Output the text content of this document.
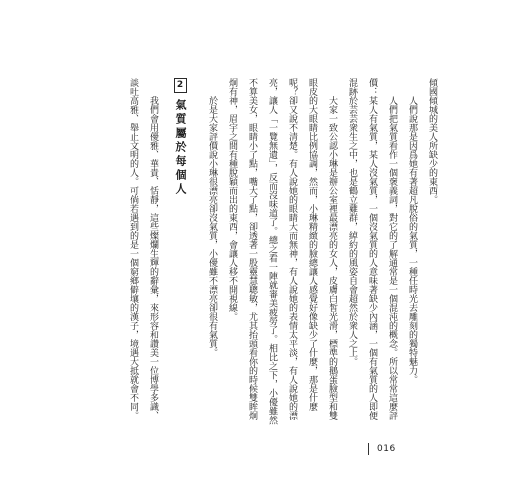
傾國傾城的美人所缺少的東西。
人們說那是因爲她有著超凡脫俗的氣質，一種任時光去雕刻的獨特魅力。
人們把氣質看作一個褒義詞，對它的了解通常是一個混沌的概念。所以常常這麼評
價：某人有氣質，某人沒氣質，一個沒氣質的人意味著缺少內涵，一個有氣質的人即便
混跡於芸芸衆生之中，也是鶴立雞群，綽約的風姿自會超然於衆人之上。
大家一致公認小琳是辦公室裡最漂亮的女人，皮膚白皙光滑，標準的鵝蛋臉型和雙
眼皮的大眼睛比例協調，然而，小琳精緻的臉總讓人感覺好像缺少了什麼，那是什麼
呢？卻又說不清楚。有人說她的眼睛大而無神，有人說她的表情太平淡，有人說她的漂
亮，讓人「一覽無遺」，反而沒味道了。總之看一陣就審美疲勞了。相比之下，小優雖然
不算美女，眼睛小了點，嘴大了點，卻透著一股靈慧聰敏，尤其抬頭看你的時候雙眸炯
炯有神，眉宇之間有種脫穎而出的東西，會讓人移不開視線。
於是大家評價說小琳很漂亮卻沒氣質，小優雖不漂亮卻很有氣質。
2氣質屬於每個人
我們會用優雅、華貴、恬靜，這些燦爛生輝的辭彙，來形容和讚美一位博學多識、
談吐高雅、舉止文明的人。可倘若遇到的是一個窮鄉僻壤的漢子，境遇大抵就會不同。
016
